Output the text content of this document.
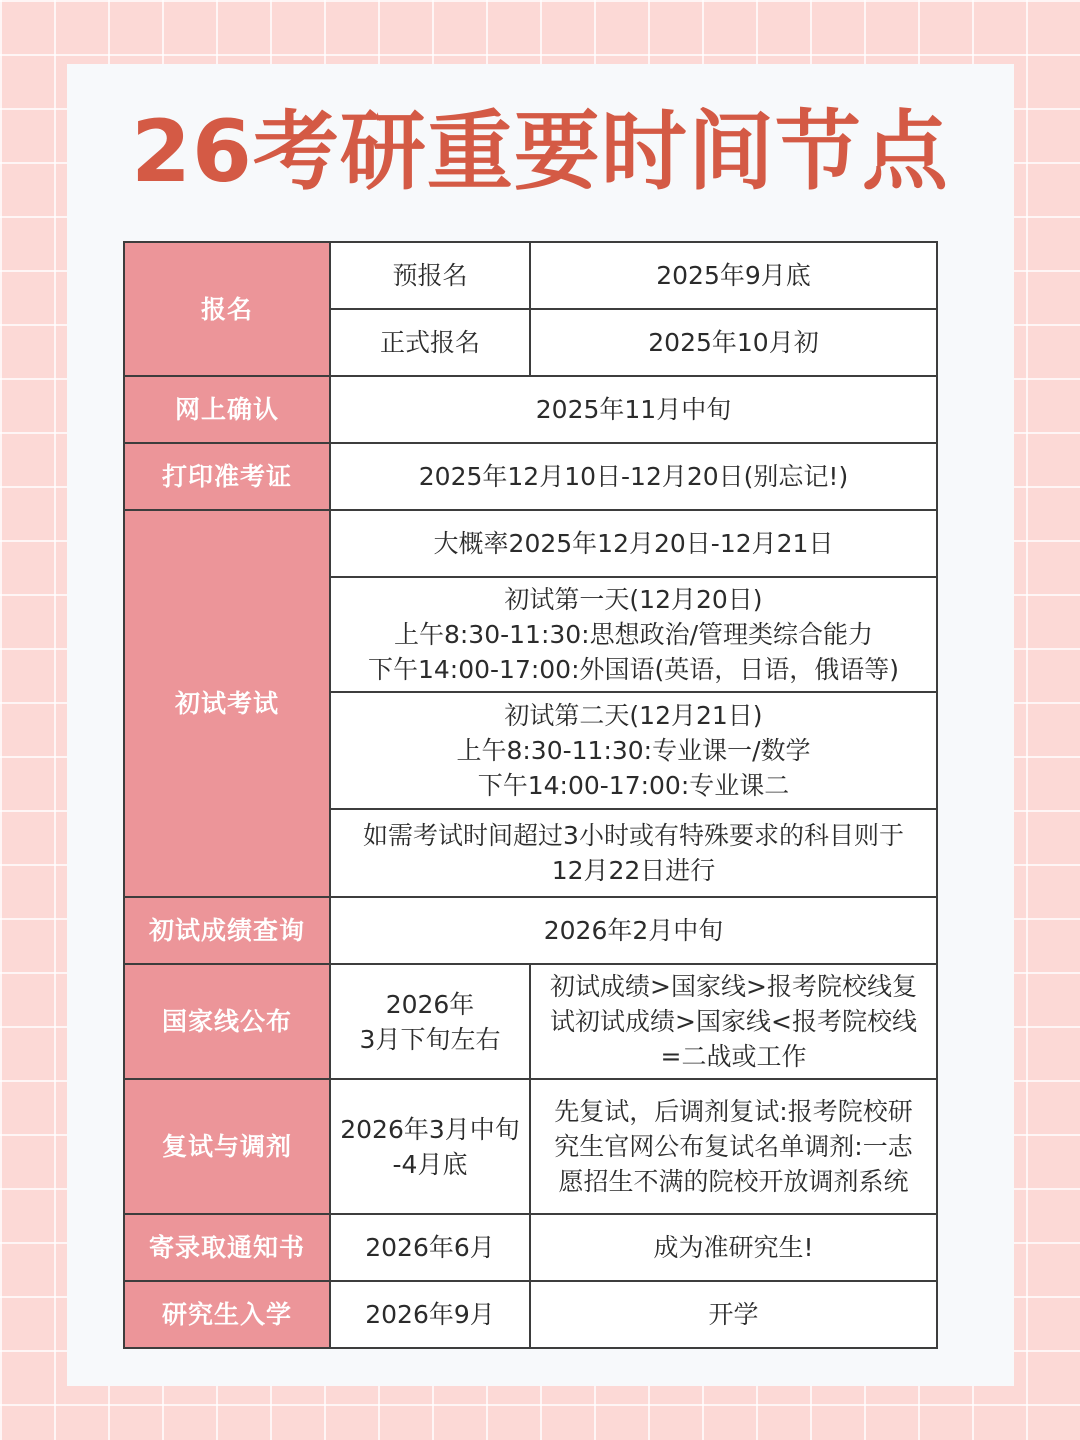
26考研重要时间节点
报名	预报名	2025年9月底
	正式报名	2025年10月初
网上确认	2025年11月中旬	
打印准考证	2025年12月10日-12月20日(别忘记!)	
初试考试	大概率2025年12月20日-12月21日	

	初试第一天(12月20日)
上午8:30-11:30:思想政治/管理类综合能力
下午14:00-17:00:外国语(英语，日语，俄语等)	

	初试第二天(12月21日)
上午8:30-11:30:专业课一/数学
下午14:00-17:00:专业课二	

	如需考试时间超过3小时或有特殊要求的科目则于
12月22日进行	

初试成绩查询	2026年2月中旬	
国家线公布	2026年
3月下旬左右	初试成绩>国家线>报考院校线复
试初试成绩>国家线<报考院校线
=二战或工作

复试与调剂	2026年3月中旬
-4月底	先复试，后调剂复试:报考院校研
究生官网公布复试名单调剂:一志
愿招生不满的院校开放调剂系统

寄录取通知书	2026年6月	成为准研究生!
研究生入学	2026年9月	开学
